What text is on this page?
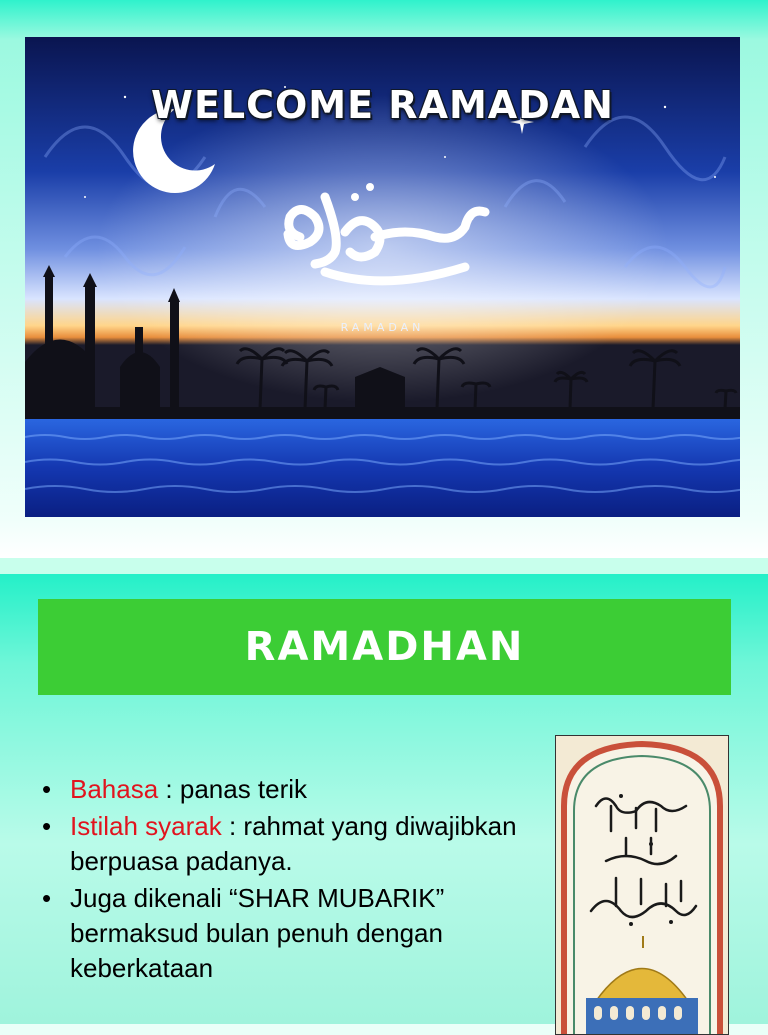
WELCOME RAMADAN
RAMADAN
RAMADHAN
• Bahasa : panas terik
• Istilah syarak : rahmat yang diwajibkan berpuasa padanya.
• Juga dikenali “SHAR MUBARIK” bermaksud bulan penuh dengan keberkataan
